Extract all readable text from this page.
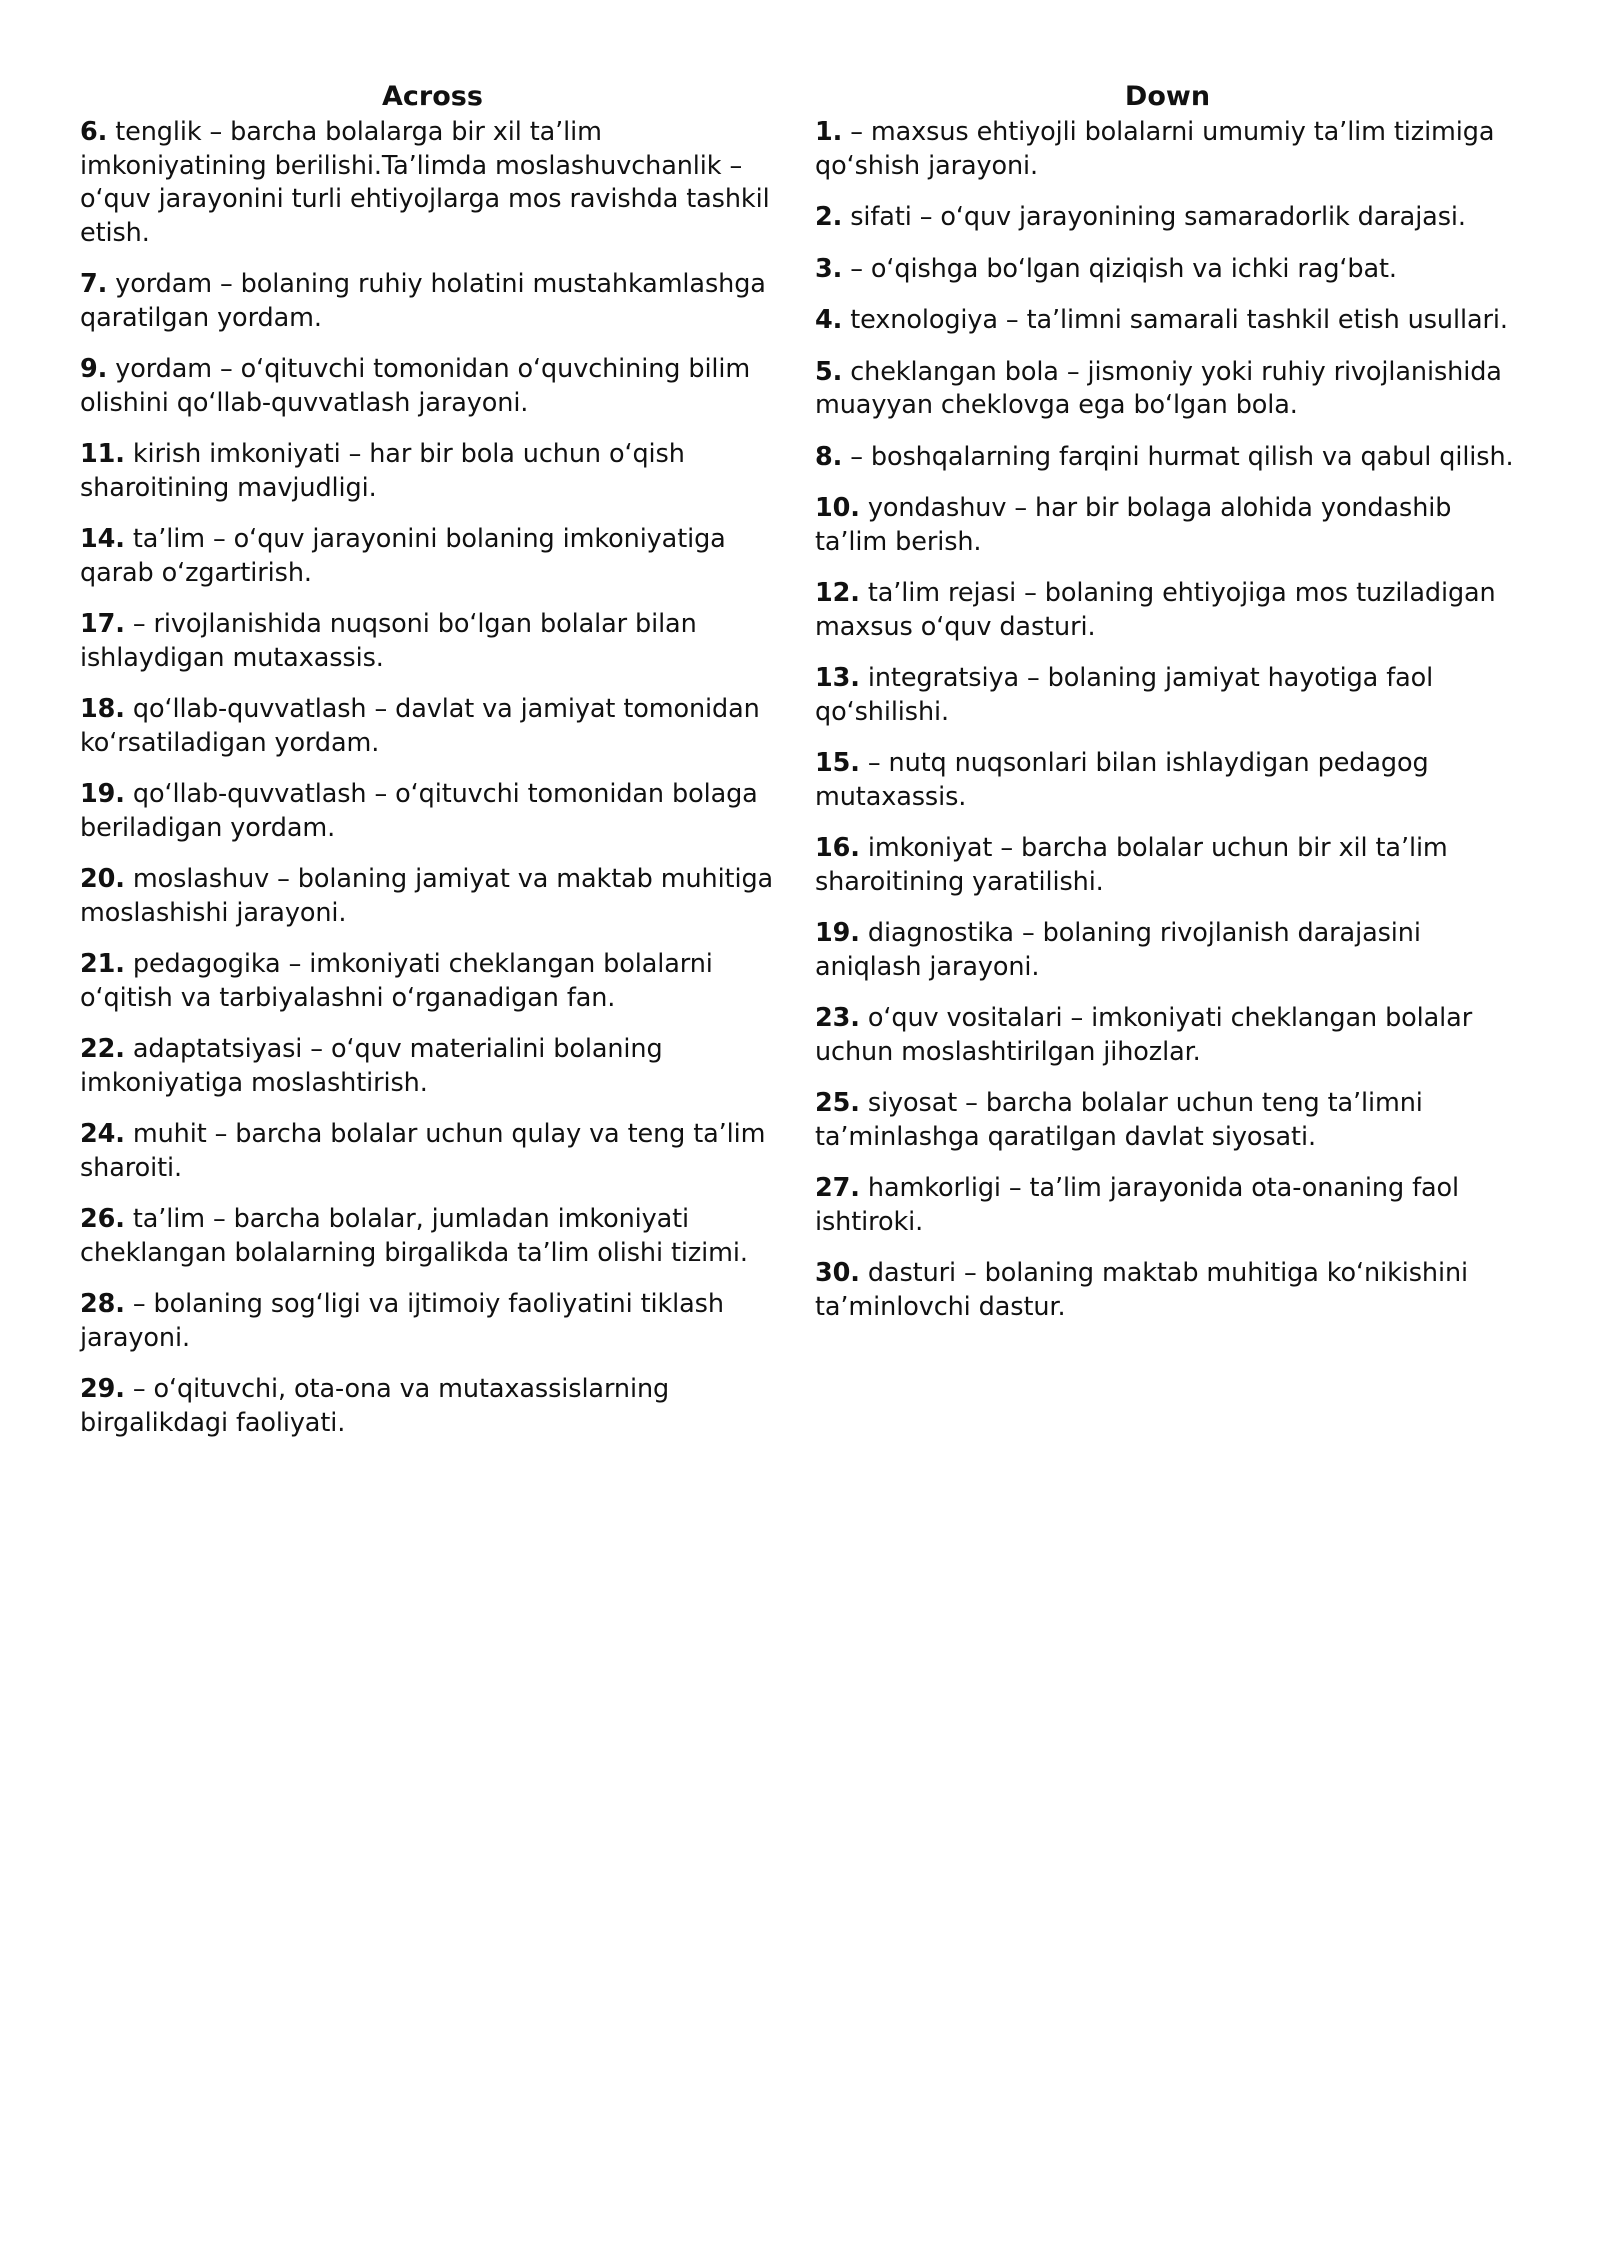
Across
6. tenglik – barcha bolalarga bir xil ta’lim imkoniyatining berilishi.Ta’limda moslashuvchanlik – o‘quv jarayonini turli ehtiyojlarga mos ravishda tashkil etish.
7. yordam – bolaning ruhiy holatini mustahkamlashga qaratilgan yordam.
9. yordam – o‘qituvchi tomonidan o‘quvchining bilim olishini qo‘llab-quvvatlash jarayoni.
11. kirish imkoniyati – har bir bola uchun o‘qish sharoitining mavjudligi.
14. ta’lim – o‘quv jarayonini bolaning imkoniyatiga qarab o‘zgartirish.
17. – rivojlanishida nuqsoni bo‘lgan bolalar bilan ishlaydigan mutaxassis.
18. qo‘llab-quvvatlash – davlat va jamiyat tomonidan ko‘rsatiladigan yordam.
19. qo‘llab-quvvatlash – o‘qituvchi tomonidan bolaga beriladigan yordam.
20. moslashuv – bolaning jamiyat va maktab muhitiga moslashishi jarayoni.
21. pedagogika – imkoniyati cheklangan bolalarni o‘qitish va tarbiyalashni o‘rganadigan fan.
22. adaptatsiyasi – o‘quv materialini bolaning imkoniyatiga moslashtirish.
24. muhit – barcha bolalar uchun qulay va teng ta’lim sharoiti.
26. ta’lim – barcha bolalar, jumladan imkoniyati cheklangan bolalarning birgalikda ta’lim olishi tizimi.
28. – bolaning sog‘ligi va ijtimoiy faoliyatini tiklash jarayoni.
29. – o‘qituvchi, ota-ona va mutaxassislarning birgalikdagi faoliyati.
Down
1. – maxsus ehtiyojli bolalarni umumiy ta’lim tizimiga qo‘shish jarayoni.
2. sifati – o‘quv jarayonining samaradorlik darajasi.
3. – o‘qishga bo‘lgan qiziqish va ichki rag‘bat.
4. texnologiya – ta’limni samarali tashkil etish usullari.
5. cheklangan bola – jismoniy yoki ruhiy rivojlanishida muayyan cheklovga ega bo‘lgan bola.
8. – boshqalarning farqini hurmat qilish va qabul qilish.
10. yondashuv – har bir bolaga alohida yondashib ta’lim berish.
12. ta’lim rejasi – bolaning ehtiyojiga mos tuziladigan maxsus o‘quv dasturi.
13. integratsiya – bolaning jamiyat hayotiga faol qo‘shilishi.
15. – nutq nuqsonlari bilan ishlaydigan pedagog mutaxassis.
16. imkoniyat – barcha bolalar uchun bir xil ta’lim sharoitining yaratilishi.
19. diagnostika – bolaning rivojlanish darajasini aniqlash jarayoni.
23. o‘quv vositalari – imkoniyati cheklangan bolalar uchun moslashtirilgan jihozlar.
25. siyosat – barcha bolalar uchun teng ta’limni ta’minlashga qaratilgan davlat siyosati.
27. hamkorligi – ta’lim jarayonida ota-onaning faol ishtiroki.
30. dasturi – bolaning maktab muhitiga ko‘nikishini ta’minlovchi dastur.
